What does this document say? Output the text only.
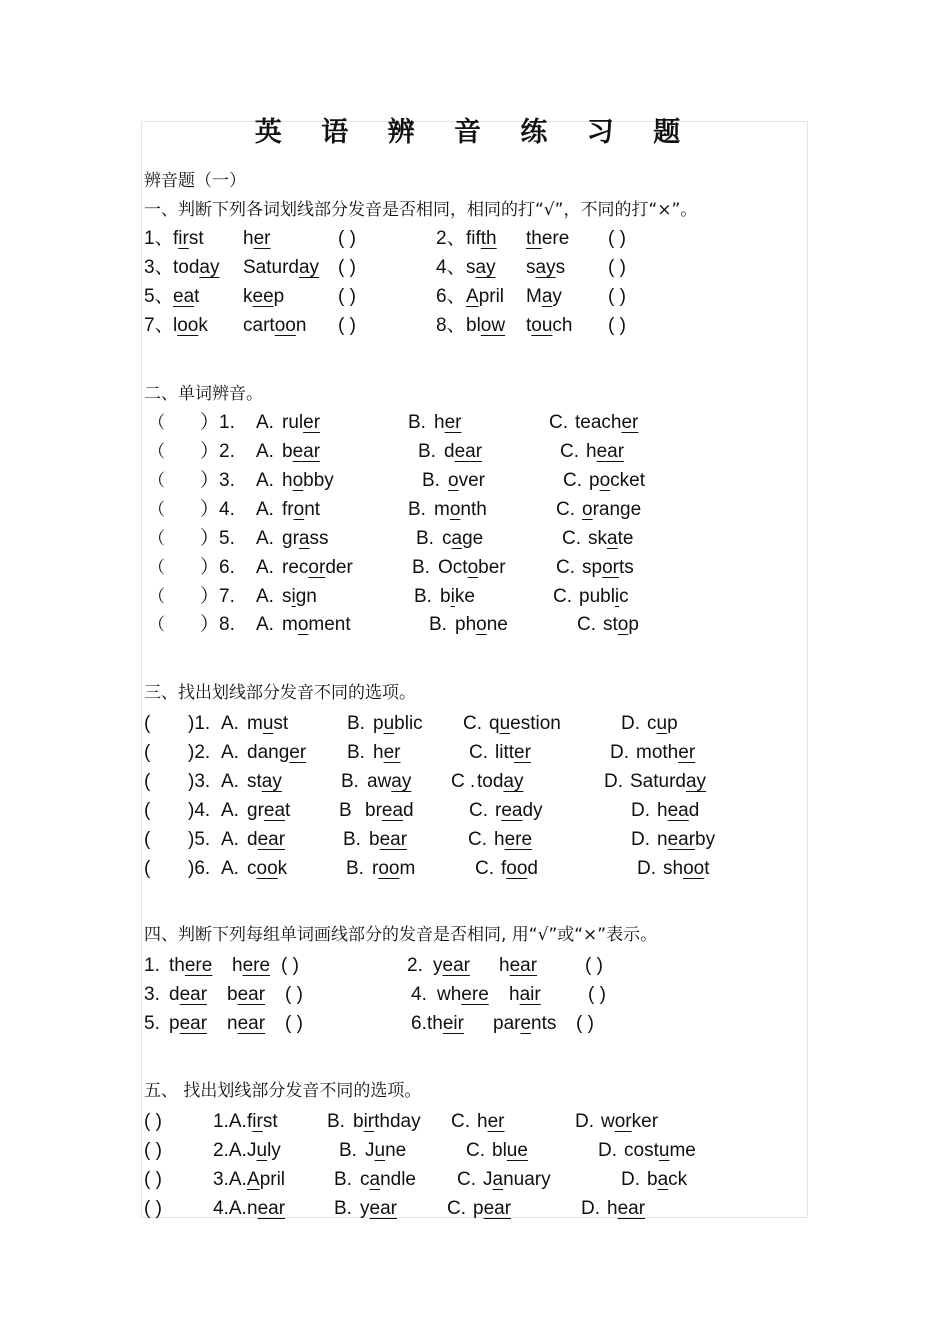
英 语 辨 音 练 习 题
辨音题（一）
一、判断下列各词划线部分发音是否相同，相同的打“√”，不同的打“×”。
1、 first her	( )	2、 fifth there ( )
3、 today Saturday ( )	4、 say says ( )
5、 eat keep	( )	6、 April May ( )
7、 look cartoon ( )	8、 blow touch ( )
二、单词辨音。
（ ）1. A. ruler	B. her	C. teacher
（ ）2. A. bear	B. dear	C. hear
（ ）3. A. hobby	B. over	C. pocket
（ ）4. A. front	B. month	C. orange
（ ）5. A. grass	B. cage	C. skate
（ ）6. A. recorder	B. October	C. sports
（ ）7. A. sign	B. bike	C. public
（ ）8. A. moment	B. phone	C. stop
三、找出划线部分发音不同的选项。
( )1. A. must	B. public C. question	D. cup
( )2. A. danger B. her	C. litter	D. mother
( )3. A. stay	B. away C . today	D. Saturday
( )4. A. great	B bread	C. ready	D. head
( )5. A. dear	B. bear	C. here	D. nearby
( )6. A. cook	B. room	C. food	D. shoot
四、判断下列每组单词画线部分的发音是否相同, 用“√”或“×”表示。
1. there here ( )	2. year hear	( )
3. dear bear ( )	4. where hair ( )
5. pear near ( )	6. their parents ( )
五、 找出划线部分发音不同的选项。
( )	1.A. first	B. birthday C. her	D. worker
( )	2.A. July	B. June	C. blue	D. costume
( )	3.A. April	B. candle C. January	D. back
( )	4.A. near	B. year	C. pear	D. hear
